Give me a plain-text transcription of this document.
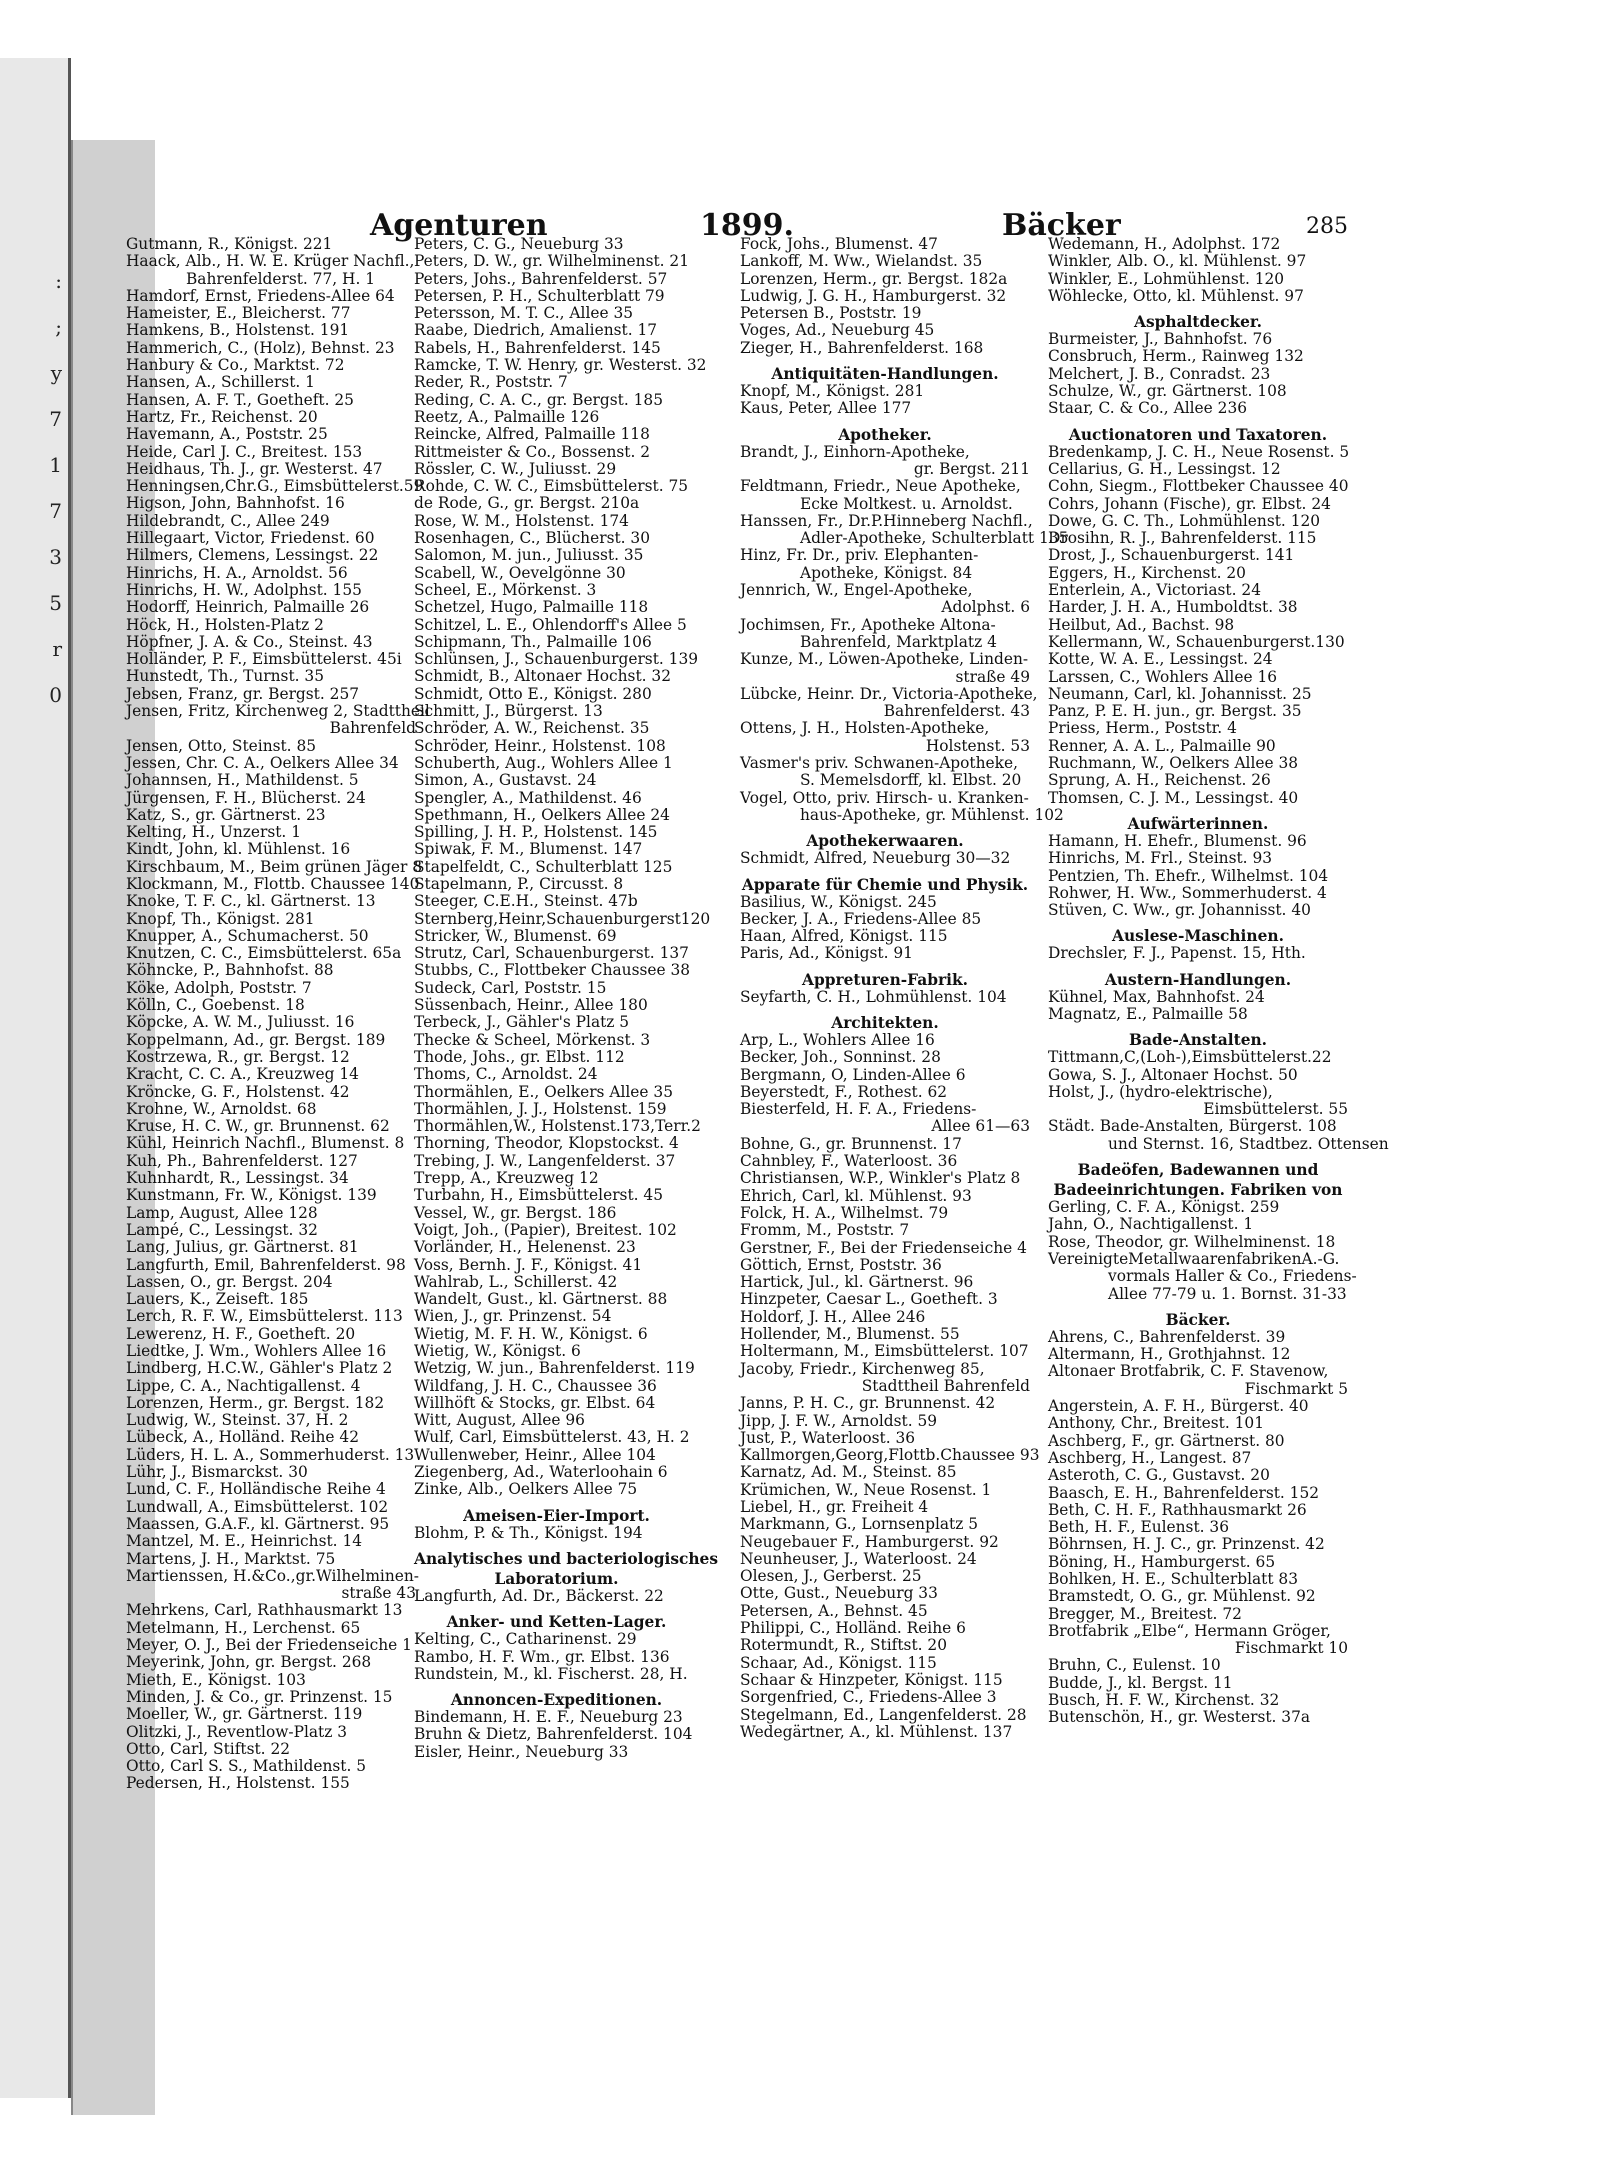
:
;
y
7
1
7
3
5
r
0
Agenturen	1899.	Bäcker	285
Gutmann, R., Königst. 221
Haack, Alb., H. W. E. Krüger Nachfl.,
Bahrenfelderst. 77, H. 1
Hamdorf, Ernst, Friedens-Allee 64
Hameister, E., Bleicherst. 77
Hamkens, B., Holstenst. 191
Hammerich, C., (Holz), Behnst. 23
Hanbury & Co., Marktst. 72
Hansen, A., Schillerst. 1
Hansen, A. F. T., Goetheft. 25
Hartz, Fr., Reichenst. 20
Havemann, A., Poststr. 25
Heide, Carl J. C., Breitest. 153
Heidhaus, Th. J., gr. Westerst. 47
Henningsen,Chr.G., Eimsbüttelerst.59
Higson, John, Bahnhofst. 16
Hildebrandt, C., Allee 249
Hillegaart, Victor, Friedenst. 60
Hilmers, Clemens, Lessingst. 22
Hinrichs, H. A., Arnoldst. 56
Hinrichs, H. W., Adolphst. 155
Hodorff, Heinrich, Palmaille 26
Höck, H., Holsten-Platz 2
Höpfner, J. A. & Co., Steinst. 43
Holländer, P. F., Eimsbüttelerst. 45i
Hunstedt, Th., Turnst. 35
Jebsen, Franz, gr. Bergst. 257
Jensen, Fritz, Kirchenweg 2, Stadttheil
Bahrenfeld
Jensen, Otto, Steinst. 85
Jessen, Chr. C. A., Oelkers Allee 34
Johannsen, H., Mathildenst. 5
Jürgensen, F. H., Blücherst. 24
Katz, S., gr. Gärtnerst. 23
Kelting, H., Unzerst. 1
Kindt, John, kl. Mühlenst. 16
Kirschbaum, M., Beim grünen Jäger 8
Klockmann, M., Flottb. Chaussee 140
Knoke, T. F. C., kl. Gärtnerst. 13
Knopf, Th., Königst. 281
Knupper, A., Schumacherst. 50
Knutzen, C. C., Eimsbüttelerst. 65a
Köhncke, P., Bahnhofst. 88
Köke, Adolph, Poststr. 7
Kölln, C., Goebenst. 18
Köpcke, A. W. M., Juliusst. 16
Koppelmann, Ad., gr. Bergst. 189
Kostrzewa, R., gr. Bergst. 12
Kracht, C. C. A., Kreuzweg 14
Kröncke, G. F., Holstenst. 42
Krohne, W., Arnoldst. 68
Kruse, H. C. W., gr. Brunnenst. 62
Kühl, Heinrich Nachfl., Blumenst. 8
Kuh, Ph., Bahrenfelderst. 127
Kuhnhardt, R., Lessingst. 34
Kunstmann, Fr. W., Königst. 139
Lamp, August, Allee 128
Lampé, C., Lessingst. 32
Lang, Julius, gr. Gärtnerst. 81
Langfurth, Emil, Bahrenfelderst. 98
Lassen, O., gr. Bergst. 204
Lauers, K., Zeiseft. 185
Lerch, R. F. W., Eimsbüttelerst. 113
Lewerenz, H. F., Goetheft. 20
Liedtke, J. Wm., Wohlers Allee 16
Lindberg, H.C.W., Gähler's Platz 2
Lippe, C. A., Nachtigallenst. 4
Lorenzen, Herm., gr. Bergst. 182
Ludwig, W., Steinst. 37, H. 2
Lübeck, A., Holländ. Reihe 42
Lüders, H. L. A., Sommerhuderst. 13
Lühr, J., Bismarckst. 30
Lund, C. F., Holländische Reihe 4
Lundwall, A., Eimsbüttelerst. 102
Maassen, G.A.F., kl. Gärtnerst. 95
Mantzel, M. E., Heinrichst. 14
Martens, J. H., Marktst. 75
Martienssen, H.&Co.,gr.Wilhelminen-
straße 43
Mehrkens, Carl, Rathhausmarkt 13
Metelmann, H., Lerchenst. 65
Meyer, O. J., Bei der Friedenseiche 1
Meyerink, John, gr. Bergst. 268
Mieth, E., Königst. 103
Minden, J. & Co., gr. Prinzenst. 15
Moeller, W., gr. Gärtnerst. 119
Olitzki, J., Reventlow-Platz 3
Otto, Carl, Stiftst. 22
Otto, Carl S. S., Mathildenst. 5
Pedersen, H., Holstenst. 155
Peters, C. G., Neueburg 33
Peters, D. W., gr. Wilhelminenst. 21
Peters, Johs., Bahrenfelderst. 57
Petersen, P. H., Schulterblatt 79
Petersson, M. T. C., Allee 35
Raabe, Diedrich, Amalienst. 17
Rabels, H., Bahrenfelderst. 145
Ramcke, T. W. Henry, gr. Westerst. 32
Reder, R., Poststr. 7
Reding, C. A. C., gr. Bergst. 185
Reetz, A., Palmaille 126
Reincke, Alfred, Palmaille 118
Rittmeister & Co., Bossenst. 2
Rössler, C. W., Juliusst. 29
Rohde, C. W. C., Eimsbüttelerst. 75
de Rode, G., gr. Bergst. 210a
Rose, W. M., Holstenst. 174
Rosenhagen, C., Blücherst. 30
Salomon, M. jun., Juliusst. 35
Scabell, W., Oevelgönne 30
Scheel, E., Mörkenst. 3
Schetzel, Hugo, Palmaille 118
Schitzel, L. E., Ohlendorff's Allee 5
Schipmann, Th., Palmaille 106
Schlünsen, J., Schauenburgerst. 139
Schmidt, B., Altonaer Hochst. 32
Schmidt, Otto E., Königst. 280
Schmitt, J., Bürgerst. 13
Schröder, A. W., Reichenst. 35
Schröder, Heinr., Holstenst. 108
Schuberth, Aug., Wohlers Allee 1
Simon, A., Gustavst. 24
Spengler, A., Mathildenst. 46
Spethmann, H., Oelkers Allee 24
Spilling, J. H. P., Holstenst. 145
Spiwak, F. M., Blumenst. 147
Stapelfeldt, C., Schulterblatt 125
Stapelmann, P., Circusst. 8
Steeger, C.E.H., Steinst. 47b
Sternberg,Heinr,Schauenburgerst120
Stricker, W., Blumenst. 69
Strutz, Carl, Schauenburgerst. 137
Stubbs, C., Flottbeker Chaussee 38
Sudeck, Carl, Poststr. 15
Süssenbach, Heinr., Allee 180
Terbeck, J., Gähler's Platz 5
Thecke & Scheel, Mörkenst. 3
Thode, Johs., gr. Elbst. 112
Thoms, C., Arnoldst. 24
Thormählen, E., Oelkers Allee 35
Thormählen, J. J., Holstenst. 159
Thormählen,W., Holstenst.173,Terr.2
Thorning, Theodor, Klopstockst. 4
Trebing, J. W., Langenfelderst. 37
Trepp, A., Kreuzweg 12
Turbahn, H., Eimsbüttelerst. 45
Vessel, W., gr. Bergst. 186
Voigt, Joh., (Papier), Breitest. 102
Vorländer, H., Helenenst. 23
Voss, Bernh. J. F., Königst. 41
Wahlrab, L., Schillerst. 42
Wandelt, Gust., kl. Gärtnerst. 88
Wien, J., gr. Prinzenst. 54
Wietig, M. F. H. W., Königst. 6
Wietig, W., Königst. 6
Wetzig, W. jun., Bahrenfelderst. 119
Wildfang, J. H. C., Chaussee 36
Willhöft & Stocks, gr. Elbst. 64
Witt, August, Allee 96
Wulf, Carl, Eimsbüttelerst. 43, H. 2
Wullenweber, Heinr., Allee 104
Ziegenberg, Ad., Waterloohain 6
Zinke, Alb., Oelkers Allee 75
Ameisen-Eier-Import.
Blohm, P. & Th., Königst. 194
Analytisches und bacteriologisches
Laboratorium.
Langfurth, Ad. Dr., Bäckerst. 22
Anker- und Ketten-Lager.
Kelting, C., Catharinenst. 29
Rambo, H. F. Wm., gr. Elbst. 136
Rundstein, M., kl. Fischerst. 28, H.
Annoncen-Expeditionen.
Bindemann, H. E. F., Neueburg 23
Bruhn & Dietz, Bahrenfelderst. 104
Eisler, Heinr., Neueburg 33
Fock, Johs., Blumenst. 47
Lankoff, M. Ww., Wielandst. 35
Lorenzen, Herm., gr. Bergst. 182a
Ludwig, J. G. H., Hamburgerst. 32
Petersen B., Poststr. 19
Voges, Ad., Neueburg 45
Zieger, H., Bahrenfelderst. 168
Antiquitäten-Handlungen.
Knopf, M., Königst. 281
Kaus, Peter, Allee 177
Apotheker.
Brandt, J., Einhorn-Apotheke,
gr. Bergst. 211
Feldtmann, Friedr., Neue Apotheke,
Ecke Moltkest. u. Arnoldst.
Hanssen, Fr., Dr.P.Hinneberg Nachfl.,
Adler-Apotheke, Schulterblatt 135
Hinz, Fr. Dr., priv. Elephanten-
Apotheke, Königst. 84
Jennrich, W., Engel-Apotheke,
Adolphst. 6
Jochimsen, Fr., Apotheke Altona-
Bahrenfeld, Marktplatz 4
Kunze, M., Löwen-Apotheke, Linden-
straße 49
Lübcke, Heinr. Dr., Victoria-Apotheke,
Bahrenfelderst. 43
Ottens, J. H., Holsten-Apotheke,
Holstenst. 53
Vasmer's priv. Schwanen-Apotheke,
S. Memelsdorff, kl. Elbst. 20
Vogel, Otto, priv. Hirsch- u. Kranken-
haus-Apotheke, gr. Mühlenst. 102
Apothekerwaaren.
Schmidt, Alfred, Neueburg 30—32
Apparate für Chemie und Physik.
Basilius, W., Königst. 245
Becker, J. A., Friedens-Allee 85
Haan, Alfred, Königst. 115
Paris, Ad., Königst. 91
Appreturen-Fabrik.
Seyfarth, C. H., Lohmühlenst. 104
Architekten.
Arp, L., Wohlers Allee 16
Becker, Joh., Sonninst. 28
Bergmann, O, Linden-Allee 6
Beyerstedt, F., Rothest. 62
Biesterfeld, H. F. A., Friedens-
Allee 61—63
Bohne, G., gr. Brunnenst. 17
Cahnbley, F., Waterloost. 36
Christiansen, W.P., Winkler's Platz 8
Ehrich, Carl, kl. Mühlenst. 93
Folck, H. A., Wilhelmst. 79
Fromm, M., Poststr. 7
Gerstner, F., Bei der Friedenseiche 4
Göttich, Ernst, Poststr. 36
Hartick, Jul., kl. Gärtnerst. 96
Hinzpeter, Caesar L., Goetheft. 3
Holdorf, J. H., Allee 246
Hollender, M., Blumenst. 55
Holtermann, M., Eimsbüttelerst. 107
Jacoby, Friedr., Kirchenweg 85,
Stadttheil Bahrenfeld
Janns, P. H. C., gr. Brunnenst. 42
Jipp, J. F. W., Arnoldst. 59
Just, P., Waterloost. 36
Kallmorgen,Georg,Flottb.Chaussee 93
Karnatz, Ad. M., Steinst. 85
Krümichen, W., Neue Rosenst. 1
Liebel, H., gr. Freiheit 4
Markmann, G., Lornsenplatz 5
Neugebauer F., Hamburgerst. 92
Neunheuser, J., Waterloost. 24
Olesen, J., Gerberst. 25
Otte, Gust., Neueburg 33
Petersen, A., Behnst. 45
Philippi, C., Holländ. Reihe 6
Rotermundt, R., Stiftst. 20
Schaar, Ad., Königst. 115
Schaar & Hinzpeter, Königst. 115
Sorgenfried, C., Friedens-Allee 3
Stegelmann, Ed., Langenfelderst. 28
Wedegärtner, A., kl. Mühlenst. 137
Wedemann, H., Adolphst. 172
Winkler, Alb. O., kl. Mühlenst. 97
Winkler, E., Lohmühlenst. 120
Wöhlecke, Otto, kl. Mühlenst. 97
Asphaltdecker.
Burmeister, J., Bahnhofst. 76
Consbruch, Herm., Rainweg 132
Melchert, J. B., Conradst. 23
Schulze, W., gr. Gärtnerst. 108
Staar, C. & Co., Allee 236
Auctionatoren und Taxatoren.
Bredenkamp, J. C. H., Neue Rosenst. 5
Cellarius, G. H., Lessingst. 12
Cohn, Siegm., Flottbeker Chaussee 40
Cohrs, Johann (Fische), gr. Elbst. 24
Dowe, G. C. Th., Lohmühlenst. 120
Drosihn, R. J., Bahrenfelderst. 115
Drost, J., Schauenburgerst. 141
Eggers, H., Kirchenst. 20
Enterlein, A., Victoriast. 24
Harder, J. H. A., Humboldtst. 38
Heilbut, Ad., Bachst. 98
Kellermann, W., Schauenburgerst.130
Kotte, W. A. E., Lessingst. 24
Larssen, C., Wohlers Allee 16
Neumann, Carl, kl. Johannisst. 25
Panz, P. E. H. jun., gr. Bergst. 35
Priess, Herm., Poststr. 4
Renner, A. A. L., Palmaille 90
Ruchmann, W., Oelkers Allee 38
Sprung, A. H., Reichenst. 26
Thomsen, C. J. M., Lessingst. 40
Aufwärterinnen.
Hamann, H. Ehefr., Blumenst. 96
Hinrichs, M. Frl., Steinst. 93
Pentzien, Th. Ehefr., Wilhelmst. 104
Rohwer, H. Ww., Sommerhuderst. 4
Stüven, C. Ww., gr. Johannisst. 40
Auslese-Maschinen.
Drechsler, F. J., Papenst. 15, Hth.
Austern-Handlungen.
Kühnel, Max, Bahnhofst. 24
Magnatz, E., Palmaille 58
Bade-Anstalten.
Tittmann,C,(Loh-),Eimsbüttelerst.22
Gowa, S. J., Altonaer Hochst. 50
Holst, J., (hydro-elektrische),
Eimsbüttelerst. 55
Städt. Bade-Anstalten, Bürgerst. 108
und Sternst. 16, Stadtbez. Ottensen
Badeöfen, Badewannen und
Badeeinrichtungen. Fabriken von
Gerling, C. F. A., Königst. 259
Jahn, O., Nachtigallenst. 1
Rose, Theodor, gr. Wilhelminenst. 18
VereinigteMetallwaarenfabrikenA.-G.
vormals Haller & Co., Friedens-
Allee 77-79 u. 1. Bornst. 31-33
Bäcker.
Ahrens, C., Bahrenfelderst. 39
Altermann, H., Grothjahnst. 12
Altonaer Brotfabrik, C. F. Stavenow,
Fischmarkt 5
Angerstein, A. F. H., Bürgerst. 40
Anthony, Chr., Breitest. 101
Aschberg, F., gr. Gärtnerst. 80
Aschberg, H., Langest. 87
Asteroth, C. G., Gustavst. 20
Baasch, E. H., Bahrenfelderst. 152
Beth, C. H. F., Rathhausmarkt 26
Beth, H. F., Eulenst. 36
Böhrnsen, H. J. C., gr. Prinzenst. 42
Böning, H., Hamburgerst. 65
Bohlken, H. E., Schulterblatt 83
Bramstedt, O. G., gr. Mühlenst. 92
Bregger, M., Breitest. 72
Brotfabrik „Elbe“, Hermann Gröger,
Fischmarkt 10
Bruhn, C., Eulenst. 10
Budde, J., kl. Bergst. 11
Busch, H. F. W., Kirchenst. 32
Butenschön, H., gr. Westerst. 37a
